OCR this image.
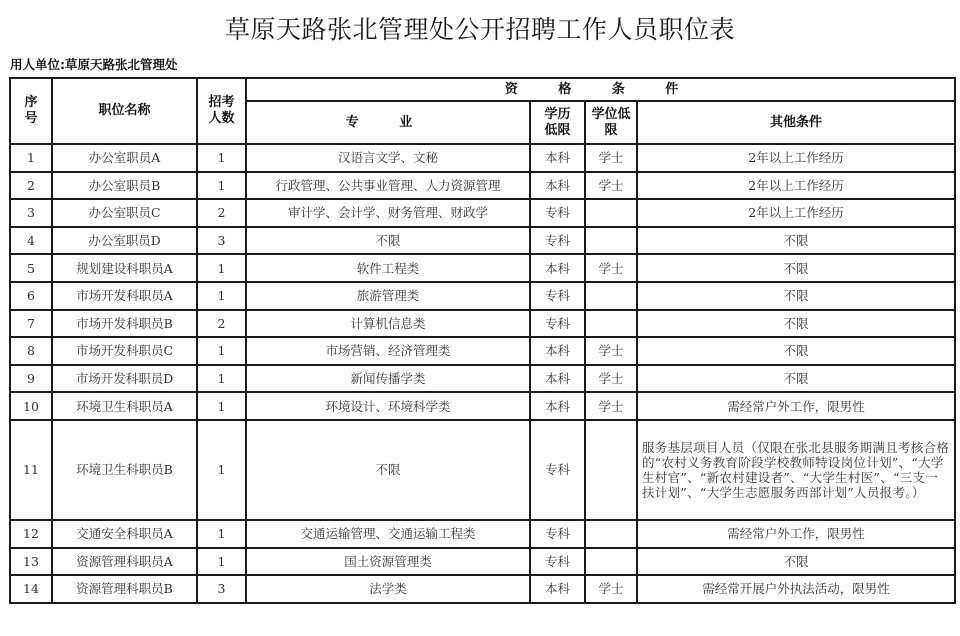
草原天路张北管理处公开招聘工作人员职位表
用人单位:草原天路张北管理处
序号	职位名称	招考人数	资 格 条 件			
			专 业	学历低限	学位低限	其他条件
1	办公室职员A	1	汉语言文学、文秘	本科	学士	2年以上工作经历
2	办公室职员B	1	行政管理、公共事业管理、人力资源管理	本科	学士	2年以上工作经历
3	办公室职员C	2	审计学、会计学、财务管理、财政学	专科		2年以上工作经历
4	办公室职员D	3	不限	专科		不限
5	规划建设科职员A	1	软件工程类	本科	学士	不限
6	市场开发科职员A	1	旅游管理类	专科		不限
7	市场开发科职员B	2	计算机信息类	专科		不限
8	市场开发科职员C	1	市场营销、经济管理类	本科	学士	不限
9	市场开发科职员D	1	新闻传播学类	本科	学士	不限
10	环境卫生科职员A	1	环境设计、环境科学类	本科	学士	需经常户外工作，限男性
11	环境卫生科职员B	1	不限	专科		服务基层项目人员（仅限在张北县服务期满且考核合格的“农村义务教育阶段学校教师特设岗位计划”、“大学生村官”、“新农村建设者”、“大学生村医”、“三支一扶计划”、“大学生志愿服务西部计划”人员报考。）
12	交通安全科职员A	1	交通运输管理、交通运输工程类	专科		需经常户外工作，限男性
13	资源管理科职员A	1	国土资源管理类	专科		不限
14	资源管理科职员B	3	法学类	本科	学士	需经常开展户外执法活动，限男性
